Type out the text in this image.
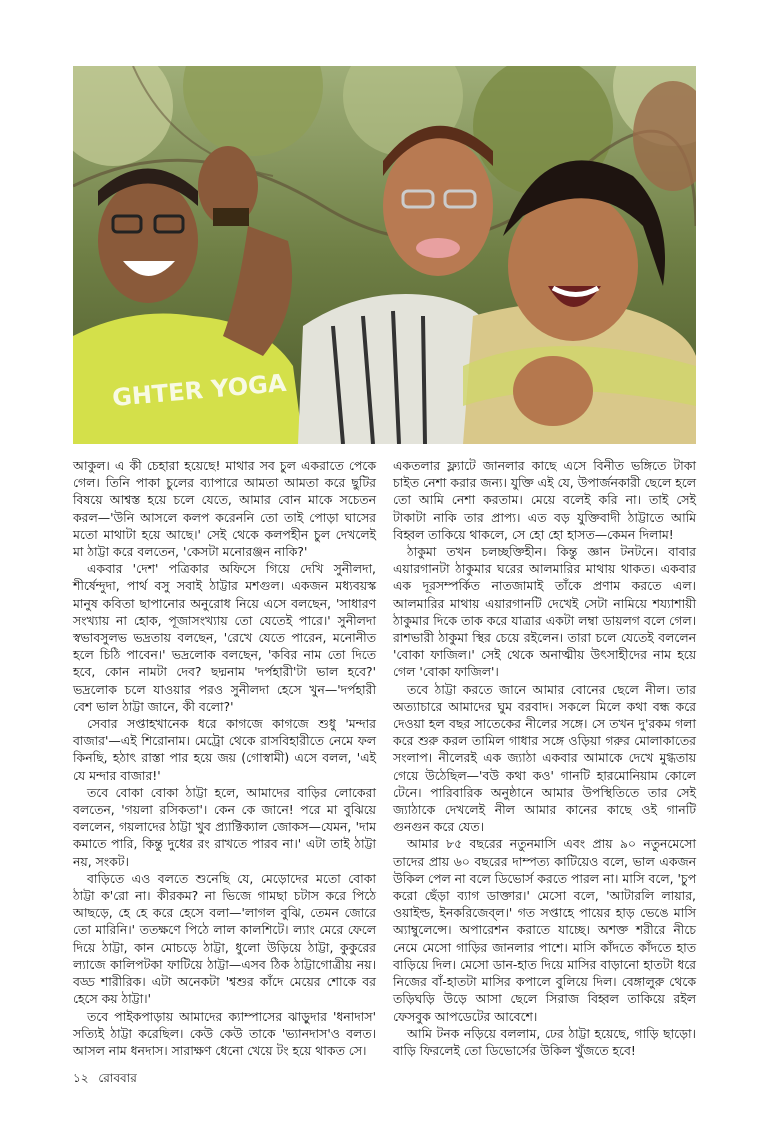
GHTER YOGA

আকুল। এ কী চেহারা হয়েছে! মাথার সব চুল একরাতে পেকে গেল। তিনি পাকা চুলের ব্যাপারে আমতা আমতা করে ছুটির বিষয়ে আশ্বস্ত হয়ে চলে যেতে, আমার বোন মাকে সচেতন করল—'উনি আসলে কলপ করেননি তো তাই পোড়া ঘাসের মতো মাথাটা হয়ে আছে।' সেই থেকে কলপহীন চুল দেখলেই মা ঠাট্টা করে বলতেন, 'কেসটা মনোরঞ্জন নাকি?'

একবার 'দেশ' পত্রিকার অফিসে গিয়ে দেখি সুনীলদা, শীর্ষেন্দুদা, পার্থ বসু সবাই ঠাট্টার মশগুল। একজন মধ্যবয়স্ক মানুষ কবিতা ছাপানোর অনুরোধ নিয়ে এসে বলছেন, 'সাধারণ সংখ্যায় না হোক, পূজাসংখ্যায় তো যেতেই পারে।' সুনীলদা স্বভাবসুলভ ভদ্রতায় বলছেন, 'রেখে যেতে পারেন, মনোনীত হলে চিঠি পাবেন।' ভদ্রলোক বলছেন, 'কবির নাম তো দিতে হবে, কোন নামটা দেব? ছদ্মনাম 'দর্পহারী'টা ভাল হবে?' ভদ্রলোক চলে যাওয়ার পরও সুনীলদা হেসে খুন—'দর্পহারী বেশ ভাল ঠাট্টা জানে, কী বলো?'

সেবার সপ্তাহখানেক ধরে কাগজে কাগজে শুধু 'মন্দার বাজার'—এই শিরোনাম। মেট্রো থেকে রাসবিহারীতে নেমে ফল কিনছি, হঠাৎ রাস্তা পার হয়ে জয় (গোস্বামী) এসে বলল, 'এই যে মন্দার বাজার!'

তবে বোকা বোকা ঠাট্টা হলে, আমাদের বাড়ির লোকেরা বলতেন, 'গয়লা রসিকতা'। কেন কে জানে! পরে মা বুঝিয়ে বললেন, গয়লাদের ঠাট্টা খুব প্র্যাক্টিক্যাল জোকস—যেমন, 'দাম কমাতে পারি, কিন্তু দুধের রং রাখতে পারব না।' এটা তাই ঠাট্টা নয়, সংকট।

বাড়িতে এও বলতে শুনেছি যে, মেড়োদের মতো বোকা ঠাট্টা ক'রো না। কীরকম? না ভিজে গামছা চটাস করে পিঠে আছড়ে, হে হে করে হেসে বলা—'লাগল বুঝি, তেমন জোরে তো মারিনি।' ততক্ষণে পিঠে লাল কালশিটে। ল্যাং মেরে ফেলে দিয়ে ঠাট্টা, কান মোচড়ে ঠাট্টা, ধুলো উড়িয়ে ঠাট্টা, কুকুরের ল্যাজে কালিপটকা ফাটিয়ে ঠাট্টা—এসব ঠিক ঠাট্টাগোত্রীয় নয়। বড্ড শারীরিক। এটা অনেকটা 'শ্বশুর কাঁদে মেয়ের শোকে বর হেসে কয় ঠাট্টা।'

তবে পাইকপাড়ায় আমাদের ক্যাম্পাসের ঝাড়ুদার 'ধনাদাস' সত্যিই ঠাট্টা করেছিল। কেউ কেউ তাকে 'ভ্যানদাস'ও বলত। আসল নাম ধনদাস। সারাক্ষণ ধেনো খেয়ে টং হয়ে থাকত সে।

একতলার ফ্ল্যাটে জানলার কাছে এসে বিনীত ভঙ্গিতে টাকা চাইত নেশা করার জন্য। যুক্তি এই যে, উপার্জনকারী ছেলে হলে তো আমি নেশা করতাম। মেয়ে বলেই করি না। তাই সেই টাকাটা নাকি তার প্রাপ্য। এত বড় যুক্তিবাদী ঠাট্টাতে আমি বিহ্বল তাকিয়ে থাকলে, সে হো হো হাসত—কেমন দিলাম!

ঠাকুমা তখন চলচ্ছক্তিহীন। কিন্তু জ্ঞান টনটনে। বাবার এয়ারগানটা ঠাকুমার ঘরের আলমারির মাথায় থাকত। একবার এক দূরসম্পর্কিত নাতজামাই তাঁকে প্রণাম করতে এল। আলমারির মাথায় এয়ারগানটি দেখেই সেটা নামিয়ে শয্যাশায়ী ঠাকুমার দিকে তাক করে যাত্রার একটা লম্বা ডায়লগ বলে গেল। রাশভারী ঠাকুমা স্থির চেয়ে রইলেন। তারা চলে যেতেই বললেন 'বোকা ফাজিল।' সেই থেকে অনাত্মীয় উৎসাহীদের নাম হয়ে গেল 'বোকা ফাজিল'।

তবে ঠাট্টা করতে জানে আমার বোনের ছেলে নীল। তার অত্যাচারে আমাদের ঘুম বরবাদ। সকলে মিলে কথা বন্ধ করে দেওয়া হল বছর সাতেকের নীলের সঙ্গে। সে তখন দু'রকম গলা করে শুরু করল তামিল গাধার সঙ্গে ওড়িয়া গরুর মোলাকাতের সংলাপ। নীলেরই এক জ্যাঠা একবার আমাকে দেখে মুগ্ধতায় গেয়ে উঠেছিল—'বউ কথা কও' গানটি হারমোনিয়াম কোলে টেনে। পারিবারিক অনুষ্ঠানে আমার উপস্থিতিতে তার সেই জ্যাঠাকে দেখলেই নীল আমার কানের কাছে ওই গানটি গুনগুন করে যেত।

আমার ৮৫ বছরের নতুনমাসি এবং প্রায় ৯০ নতুনমেসো তাদের প্রায় ৬০ বছরের দাম্পত্য কাটিয়েও বলে, ভাল একজন উকিল পেল না বলে ডিভোর্স করতে পারল না। মাসি বলে, 'চুপ করো ছেঁড়া ব্যাগ ডাক্তার।' মেসো বলে, 'আটারলি লায়ার, ওয়াইল্ড, ইনকরিজেব্‌ল।' গত সপ্তাহে পায়ের হাড় ভেঙে মাসি অ্যাম্বুলেন্সে। অপারেশন করাতে যাচ্ছে। অশক্ত শরীরে নীচে নেমে মেসো গাড়ির জানলার পাশে। মাসি কাঁদতে কাঁদতে হাত বাড়িয়ে দিল। মেসো ডান-হাত দিয়ে মাসির বাড়ানো হাতটা ধরে নিজের বাঁ-হাতটা মাসির কপালে বুলিয়ে দিল। বেঙ্গালুরু থেকে তড়িঘড়ি উড়ে আসা ছেলে সিরাজ বিহ্বল তাকিয়ে রইল ফেসবুক আপডেটের আবেশে।

আমি টনক নড়িয়ে বললাম, ঢের ঠাট্টা হয়েছে, গাড়ি ছাড়ো। বাড়ি ফিরলেই তো ডিভোর্সের উকিল খুঁজতে হবে!

১২ রোববার
